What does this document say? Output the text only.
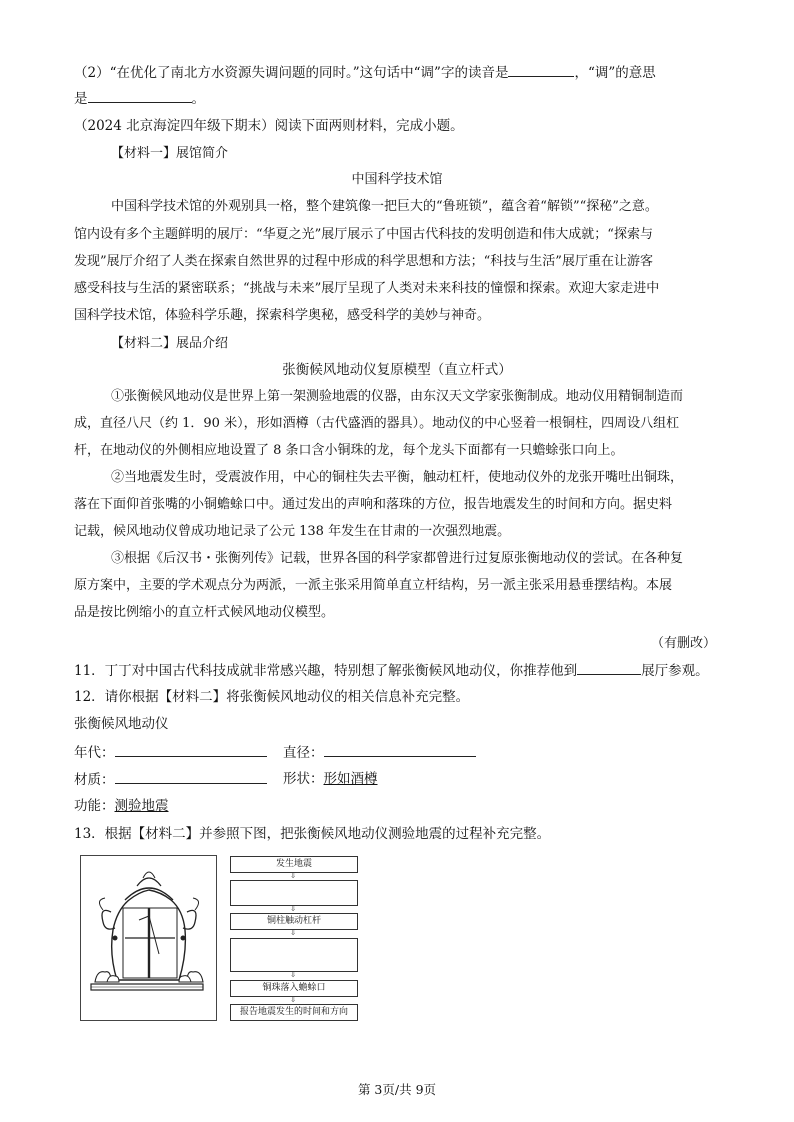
（2）“在优化了南北方水资源失调问题的同时。”这句话中“调”字的读音是	，“调”的意思
是	。
（2024 北京海淀四年级下期末）阅读下面两则材料，完成小题。
【材料一】展馆简介
中国科学技术馆
中国科学技术馆的外观别具一格，整个建筑像一把巨大的“鲁班锁”，蕴含着“解锁”“探秘”之意。
馆内设有多个主题鲜明的展厅：“华夏之光”展厅展示了中国古代科技的发明创造和伟大成就；“探索与
发现”展厅介绍了人类在探索自然世界的过程中形成的科学思想和方法；“科技与生活”展厅重在让游客
感受科技与生活的紧密联系；“挑战与未来”展厅呈现了人类对未来科技的憧憬和探索。欢迎大家走进中
国科学技术馆，体验科学乐趣，探索科学奥秘，感受科学的美妙与神奇。
【材料二】展品介绍
张衡候风地动仪复原模型（直立杆式）
①张衡候风地动仪是世界上第一架测验地震的仪器，由东汉天文学家张衡制成。地动仪用精铜制造而
成，直径八尺（约 1．90 米），形如酒樽（古代盛酒的器具）。地动仪的中心竖着一根铜柱，四周设八组杠
杆，在地动仪的外侧相应地设置了 8 条口含小铜珠的龙，每个龙头下面都有一只蟾蜍张口向上。
②当地震发生时，受震波作用，中心的铜柱失去平衡，触动杠杆，使地动仪外的龙张开嘴吐出铜珠，
落在下面仰首张嘴的小铜蟾蜍口中。通过发出的声响和落珠的方位，报告地震发生的时间和方向。据史料
记载，候风地动仪曾成功地记录了公元 138 年发生在甘肃的一次强烈地震。
③根据《后汉书・张衡列传》记载，世界各国的科学家都曾进行过复原张衡地动仪的尝试。在各种复
原方案中，主要的学术观点分为两派，一派主张采用简单直立杆结构，另一派主张采用悬垂摆结构。本展
品是按比例缩小的直立杆式候风地动仪模型。
（有删改）
11．丁丁对中国古代科技成就非常感兴趣，特别想了解张衡候风地动仪，你推荐他到	展厅参观。
12．请你根据【材料二】将张衡候风地动仪的相关信息补充完整。
张衡候风地动仪
年代：	直径：
材质：	形状：形如酒樽
功能：测验地震
13．根据【材料二】并参照下图，把张衡候风地动仪测验地震的过程补充完整。
发生地震
⇩
⇩
铜柱触动杠杆
⇩
⇩
铜珠落入蟾蜍口
⇩
报告地震发生的时间和方向
第 3页/共 9页
